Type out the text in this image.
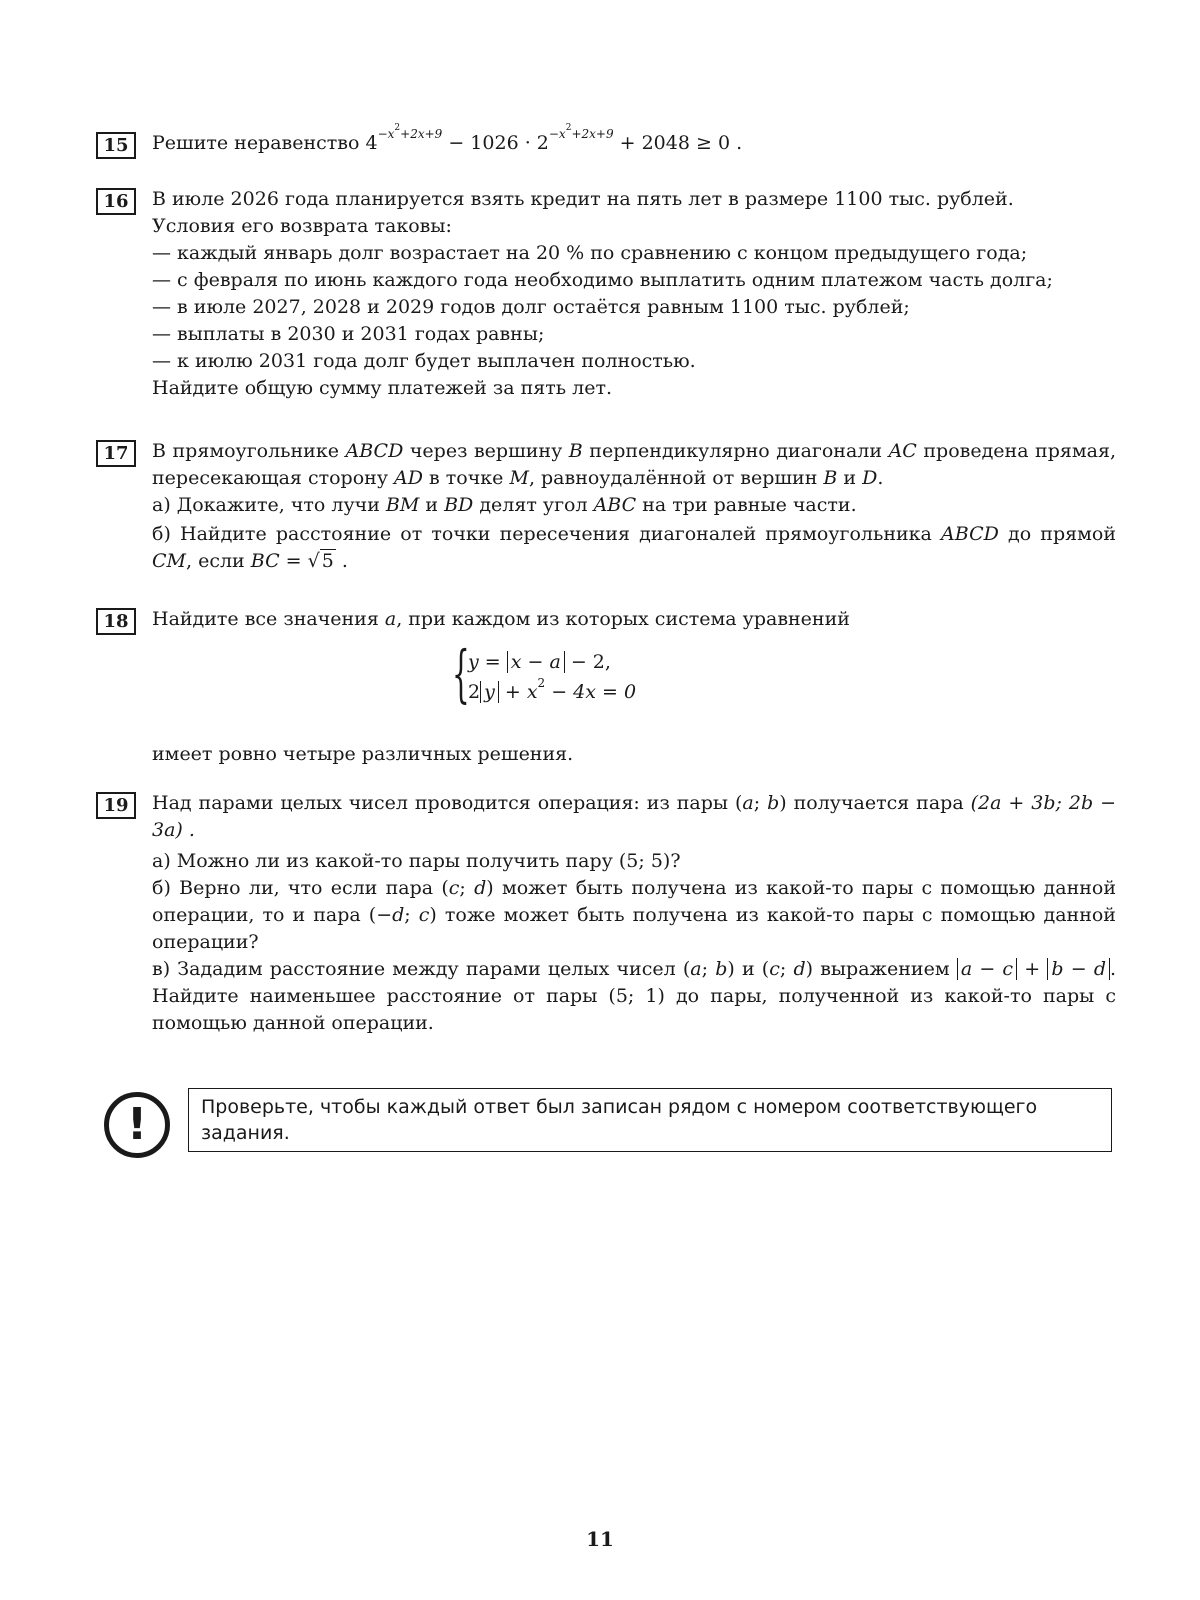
15	Решите неравенство $4^{-x^2+2x+9} - 1026 \cdot 2^{-x^2+2x+9} + 2048 \ge 0$ .

16	В июле 2026 года планируется взять кредит на пять лет в размере 1100 тыс. рублей.

Условия его возврата таковы:

— каждый январь долг возрастает на 20 % по сравнению с концом предыдущего года;

— с февраля по июнь каждого года необходимо выплатить одним платежом часть долга;

— в июле 2027, 2028 и 2029 годов долг остаётся равным 1100 тыс. рублей;

— выплаты в 2030 и 2031 годах равны;

— к июлю 2031 года долг будет выплачен полностью.

Найдите общую сумму платежей за пять лет.

17	В прямоугольнике ABCD через вершину B перпендикулярно диагонали AC проведена прямая, пересекающая сторону AD в точке M, равноудалённой от вершин B и D.

а) Докажите, что лучи BM и BD делят угол ABC на три равные части.

б) Найдите расстояние от точки пересечения диагоналей прямоугольника ABCD до прямой CM, если BC = √ 5 .

18	Найдите все значения a, при каждом из которых система уравнений

{
y = x − a − 2,
2 $y + x^2 - 4x = 0$

имеет ровно четыре различных решения.

19	Над парами целых чисел проводится операция: из пары (a; b) получается пара (2a + 3b; 2b − 3a) .

а) Можно ли из какой-то пары получить пару (5; 5)?

б) Верно ли, что если пара (c; d) может быть получена из какой-то пары с помощью данной операции, то и пара (−d; c) тоже может быть получена из какой-то пары с помощью данной операции?

в) Зададим расстояние между парами целых чисел (a; b) и (c; d) выражением a − c + b − d . Найдите наименьшее расстояние от пары (5; 1) до пары, полученной из какой-то пары с помощью данной операции.

!	Проверьте, чтобы каждый ответ был записан рядом с номером соответствующего задания.
11
